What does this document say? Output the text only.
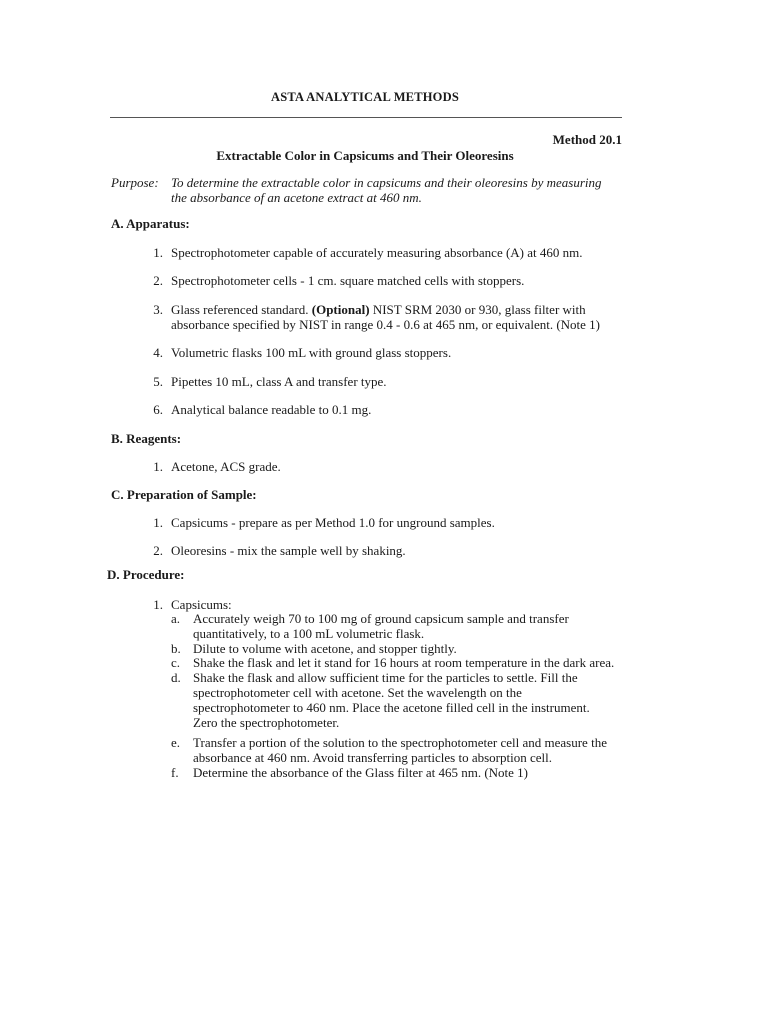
ASTA ANALYTICAL METHODS
Method 20.1
Extractable Color in Capsicums and Their Oleoresins
Purpose: To determine the extractable color in capsicums and their oleoresins by measuring
the absorbance of an acetone extract at 460 nm.
A. Apparatus:
1. Spectrophotometer capable of accurately measuring absorbance (A) at 460 nm.
2. Spectrophotometer cells - 1 cm. square matched cells with stoppers.
3. Glass referenced standard. (Optional) NIST SRM 2030 or 930, glass filter with
absorbance specified by NIST in range 0.4 - 0.6 at 465 nm, or equivalent. (Note 1)
4. Volumetric flasks 100 mL with ground glass stoppers.
5. Pipettes 10 mL, class A and transfer type.
6. Analytical balance readable to 0.1 mg.
B. Reagents:
1. Acetone, ACS grade.
C. Preparation of Sample:
1. Capsicums - prepare as per Method 1.0 for unground samples.
2. Oleoresins - mix the sample well by shaking.
D. Procedure:
1. Capsicums:
a. Accurately weigh 70 to 100 mg of ground capsicum sample and transfer
quantitatively, to a 100 mL volumetric flask.
b. Dilute to volume with acetone, and stopper tightly.
c. Shake the flask and let it stand for 16 hours at room temperature in the dark area.
d. Shake the flask and allow sufficient time for the particles to settle. Fill the
spectrophotometer cell with acetone. Set the wavelength on the
spectrophotometer to 460 nm. Place the acetone filled cell in the instrument.
Zero the spectrophotometer.
e. Transfer a portion of the solution to the spectrophotometer cell and measure the
absorbance at 460 nm. Avoid transferring particles to absorption cell.
f.	Determine the absorbance of the Glass filter at 465 nm. (Note 1)
